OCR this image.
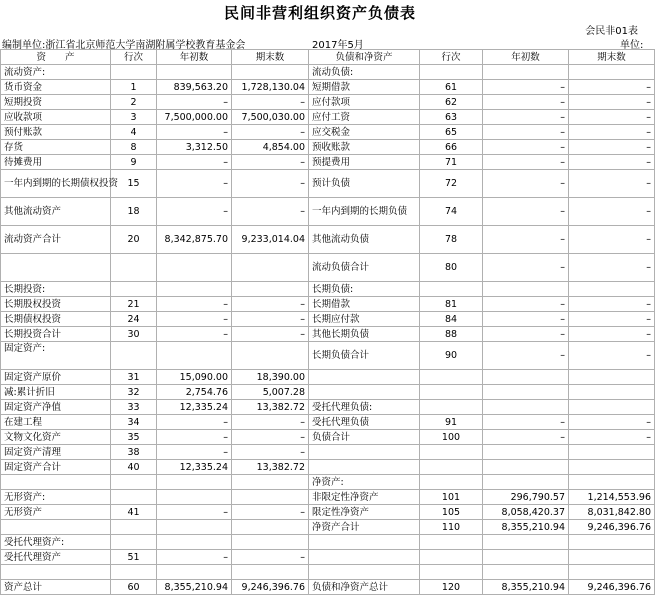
民间非营利组织资产负债表
会民非01表
编制单位:浙江省北京师范大学南湖附属学校教育基金会	2017年5月	单位:
资　　产	行次	年初数	期末数	负债和净资产	行次	年初数	期末数
流动资产:				流动负债:			
货币资金	1	839,563.20	1,728,130.04	短期借款	61	–	–
短期投资	2	–	–	应付款项	62	–	–
应收款项	3	7,500,000.00	7,500,030.00	应付工资	63	–	–
预付账款	4	–	–	应交税金	65	–	–
存货	8	3,312.50	4,854.00	预收账款	66	–	–
待摊费用	9	–	–	预提费用	71	–	–
一年内到期的长期债权投资	15	–	–	预计负债	72	–	–
其他流动资产	18	–	–	一年内到期的长期负债	74	–	–
流动资产合计	20	8,342,875.70	9,233,014.04	其他流动负债	78	–	–
				流动负债合计	80	–	–
长期投资:				长期负债:			
长期股权投资	21	–	–	长期借款	81	–	–
长期债权投资	24	–	–	长期应付款	84	–	–
长期投资合计	30	–	–	其他长期负债	88	–	–
固定资产:				长期负债合计	90	–	–
固定资产原价	31	15,090.00	18,390.00				
减:累计折旧	32	2,754.76	5,007.28				
固定资产净值	33	12,335.24	13,382.72	受托代理负债:			
在建工程	34	–	–	受托代理负债	91	–	–
文物文化资产	35	–	–	负债合计	100	–	–
固定资产清理	38	–	–				
固定资产合计	40	12,335.24	13,382.72				
				净资产:			
无形资产:				非限定性净资产	101	296,790.57	1,214,553.96
无形资产	41	–	–	限定性净资产	105	8,058,420.37	8,031,842.80
				净资产合计	110	8,355,210.94	9,246,396.76
受托代理资产:							
受托代理资产	51	–	–				

资产总计	60	8,355,210.94	9,246,396.76	负债和净资产总计	120	8,355,210.94	9,246,396.76
